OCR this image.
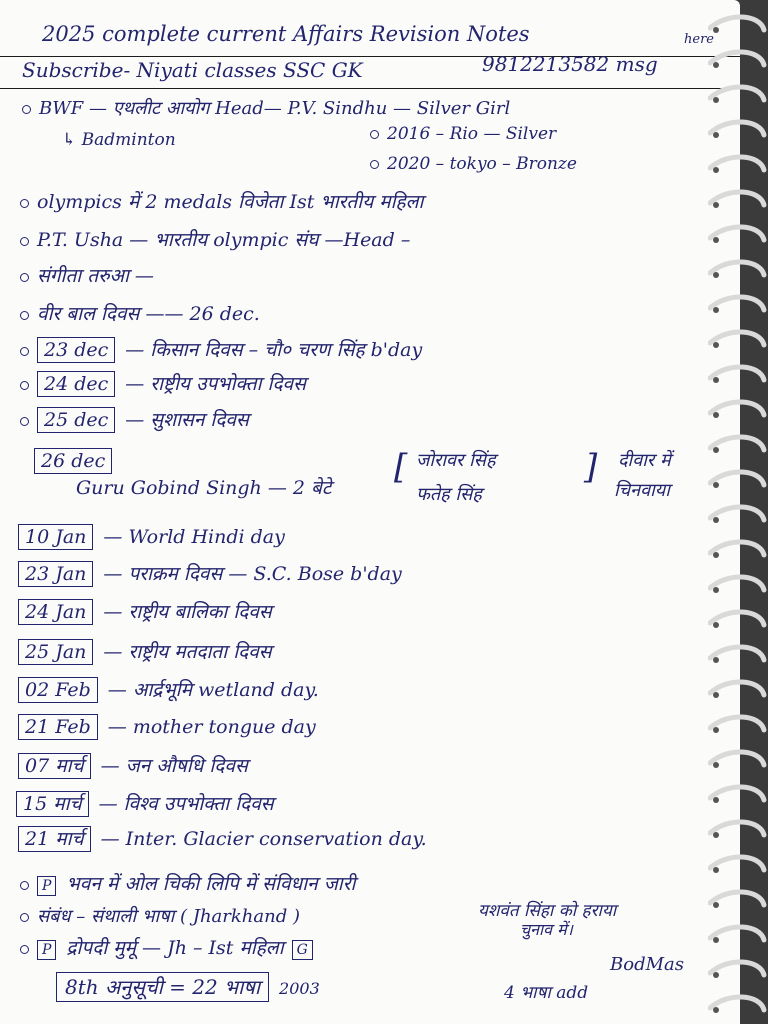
2025 complete current Affairs Revision Notes	here
Subscribe- Niyati classes SSC GK	9812213582 msg
BWF — एथलीट आयोग Head— P.V. Sindhu — Silver Girl
↳ Badminton	2016 – Rio — Silver
2020 – tokyo – Bronze
olympics में 2 medals विजेता Ist भारतीय महिला
P.T. Usha — भारतीय olympic संघ —Head –
संगीता तरुआ —
वीर बाल दिवस —— 26 dec.
23 dec — किसान दिवस – चौ० चरण सिंह b'day
24 dec — राष्ट्रीय उपभोक्ता दिवस
25 dec — सुशासन दिवस
26 dec
Guru Gobind Singh — 2 बेटे
[ जोरावर सिंह
फतेह सिंह
] दीवार में
चिनवाया
10 Jan — World Hindi day
23 Jan — पराक्रम दिवस — S.C. Bose b'day
24 Jan — राष्ट्रीय बालिका दिवस
25 Jan — राष्ट्रीय मतदाता दिवस
02 Feb — आर्द्रभूमि wetland day.
21 Feb — mother tongue day
07 मार्च — जन औषधि दिवस
15 मार्च — विश्व उपभोक्ता दिवस
21 मार्च — Inter. Glacier conservation day.
P भवन में ओल चिकी लिपि में संविधान जारी
संबंध – संथाली भाषा ( Jharkhand )	यशवंत सिंहा को हराया
चुनाव में।
P द्रोपदी मुर्मू — Jh – Ist महिला G
BodMas
8th अनुसूची = 22 भाषा 2003	4 भाषा add
